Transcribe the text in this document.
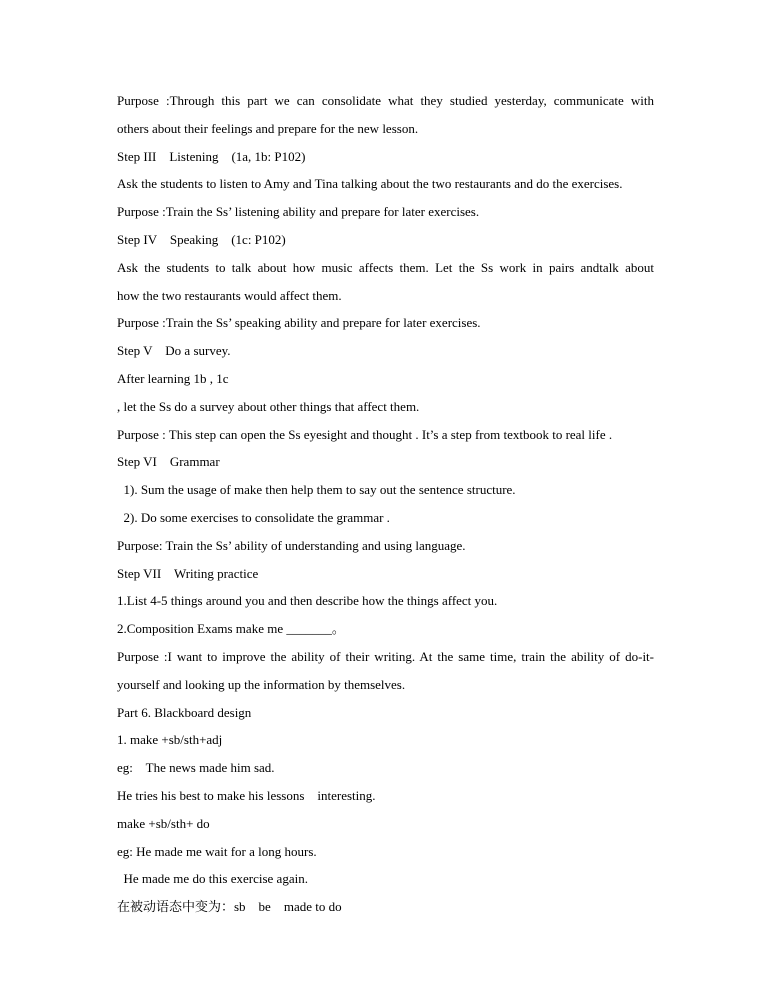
Purpose :Through this part we can consolidate what they studied yesterday, communicate with
others about their feelings and prepare for the new lesson.
Step III    Listening    (1a, 1b: P102)
Ask the students to listen to Amy and Tina talking about the two restaurants and do the exercises.
Purpose :Train the Ss’ listening ability and prepare for later exercises.
Step IV    Speaking    (1c: P102)
Ask the students to talk about how music affects them. Let the Ss work in pairs andtalk about
how the two restaurants would affect them.
Purpose :Train the Ss’ speaking ability and prepare for later exercises.
Step V    Do a survey.
After learning 1b , 1c
, let the Ss do a survey about other things that affect them.
Purpose : This step can open the Ss eyesight and thought . It’s a step from textbook to real life .
Step VI    Grammar
1). Sum the usage of make then help them to say out the sentence structure.
2). Do some exercises to consolidate the grammar .
Purpose: Train the Ss’ ability of understanding and using language.
Step VII    Writing practice
1.List 4-5 things around you and then describe how the things affect you.
2.Composition Exams make me _______。
Purpose :I want to improve the ability of their writing. At the same time, train the ability of do-it-
yourself and looking up the information by themselves.
Part 6. Blackboard design
1. make +sb/sth+adj
eg:    The news made him sad.
He tries his best to make his lessons    interesting.
make +sb/sth+ do
eg: He made me wait for a long hours.
He made me do this exercise again.
在被动语态中变为：sb    be    made to do
